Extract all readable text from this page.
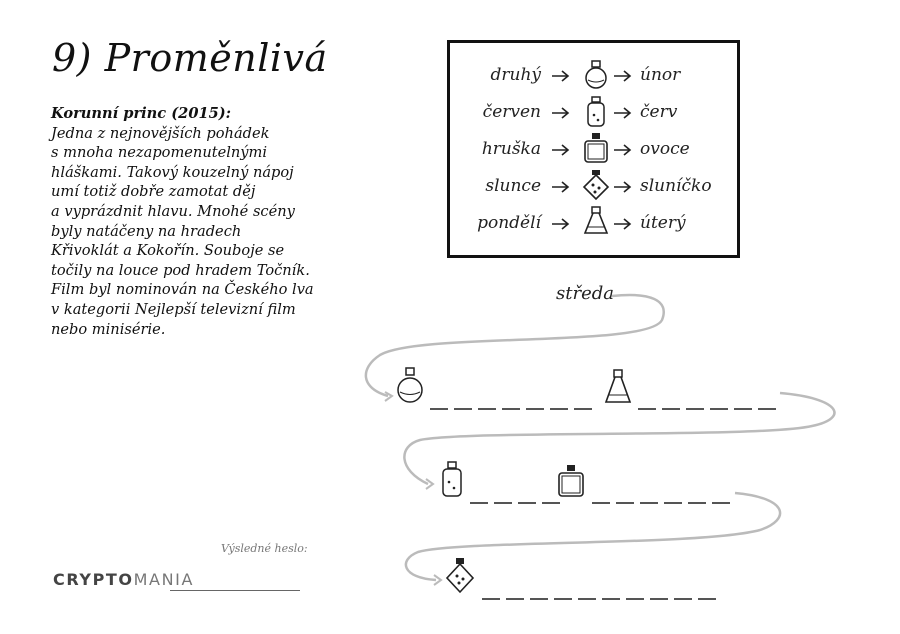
9) Proměnlivá
Korunní princ (2015):
Jedna z nejnovějších pohádek
s mnoha nezapomenutelnými
hláškami. Takový kouzelný nápoj
umí totiž dobře zamotat děj
a vyprázdnit hlavu. Mnohé scény
byly natáčeny na hradech
Křivoklát a Kokořín. Souboje se
točily na louce pod hradem Točník.
Film byl nominován na Českého lva
v kategorii Nejlepší televizní film
nebo minisérie.
druhý	únor
červen	červ
hruška	ovoce
slunce	sluníčko
pondělí	úterý
středa
Výsledné heslo:
CRYPTOMANIA
